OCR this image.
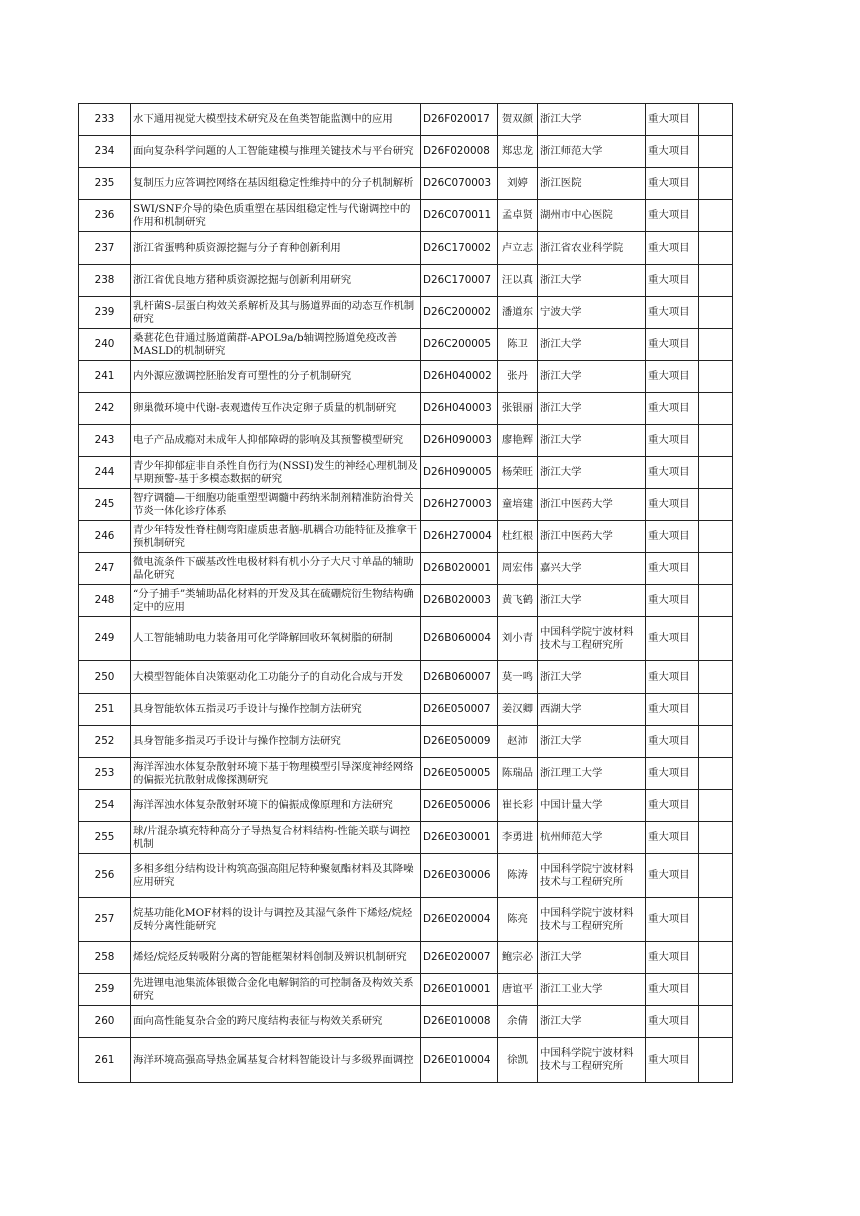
233	水下通用视觉大模型技术研究及在鱼类智能监测中的应用	D26F020017	贺双颜	浙江大学	重大项目	
234	面向复杂科学问题的人工智能建模与推理关键技术与平台研究	D26F020008	郑忠龙	浙江师范大学	重大项目	
235	复制压力应答调控网络在基因组稳定性维持中的分子机制解析	D26C070003	刘婷	浙江医院	重大项目	
236	SWI/SNF介导的染色质重塑在基因组稳定性与代谢调控中的作用和机制研究	D26C070011	孟卓贤	湖州市中心医院	重大项目	
237	浙江省蛋鸭种质资源挖掘与分子育种创新利用	D26C170002	卢立志	浙江省农业科学院	重大项目	
238	浙江省优良地方猪种质资源挖掘与创新利用研究	D26C170007	汪以真	浙江大学	重大项目	
239	乳杆菌S-层蛋白构效关系解析及其与肠道界面的动态互作机制研究	D26C200002	潘道东	宁波大学	重大项目	
240	桑葚花色苷通过肠道菌群-APOL9a/b轴调控肠道免疫改善MASLD的机制研究	D26C200005	陈卫	浙江大学	重大项目	
241	内外源应激调控胚胎发育可塑性的分子机制研究	D26H040002	张丹	浙江大学	重大项目	
242	卵巢微环境中代谢-表观遗传互作决定卵子质量的机制研究	D26H040003	张银丽	浙江大学	重大项目	
243	电子产品成瘾对未成年人抑郁障碍的影响及其预警模型研究	D26H090003	廖艳辉	浙江大学	重大项目	
244	青少年抑郁症非自杀性自伤行为(NSSI)发生的神经心理机制及早期预警-基于多模态数据的研究	D26H090005	杨荣旺	浙江大学	重大项目	
245	智疗调髓—干细胞功能重塑型调髓中药纳米制剂精准防治骨关节炎一体化诊疗体系	D26H270003	童培建	浙江中医药大学	重大项目	
246	青少年特发性脊柱侧弯阳虚质患者脑-肌耦合功能特征及推拿干预机制研究	D26H270004	杜红根	浙江中医药大学	重大项目	
247	微电流条件下碳基改性电极材料有机小分子大尺寸单晶的辅助晶化研究	D26B020001	周宏伟	嘉兴大学	重大项目	
248	“分子捕手”类辅助晶化材料的开发及其在硫硼烷衍生物结构确定中的应用	D26B020003	黄飞鹤	浙江大学	重大项目	
249	人工智能辅助电力装备用可化学降解回收环氧树脂的研制	D26B060004	刘小青	中国科学院宁波材料技术与工程研究所	重大项目	
250	大模型智能体自决策驱动化工功能分子的自动化合成与开发	D26B060007	莫一鸣	浙江大学	重大项目	
251	具身智能软体五指灵巧手设计与操作控制方法研究	D26E050007	姜汉卿	西湖大学	重大项目	
252	具身智能多指灵巧手设计与操作控制方法研究	D26E050009	赵沛	浙江大学	重大项目	
253	海洋浑浊水体复杂散射环境下基于物理模型引导深度神经网络的偏振光抗散射成像探测研究	D26E050005	陈瑞品	浙江理工大学	重大项目	
254	海洋浑浊水体复杂散射环境下的偏振成像原理和方法研究	D26E050006	崔长彩	中国计量大学	重大项目	
255	球/片混杂填充特种高分子导热复合材料结构-性能关联与调控机制	D26E030001	李勇进	杭州师范大学	重大项目	
256	多相多组分结构设计构筑高强高阻尼特种聚氨酯材料及其降噪应用研究	D26E030006	陈涛	中国科学院宁波材料技术与工程研究所	重大项目	
257	烷基功能化MOF材料的设计与调控及其湿气条件下烯烃/烷烃反转分离性能研究	D26E020004	陈亮	中国科学院宁波材料技术与工程研究所	重大项目	
258	烯烃/烷烃反转吸附分离的智能框架材料创制及辨识机制研究	D26E020007	鲍宗必	浙江大学	重大项目	
259	先进锂电池集流体银微合金化电解铜箔的可控制备及构效关系研究	D26E010001	唐谊平	浙江工业大学	重大项目	
260	面向高性能复杂合金的跨尺度结构表征与构效关系研究	D26E010008	余倩	浙江大学	重大项目	
261	海洋环境高强高导热金属基复合材料智能设计与多级界面调控	D26E010004	徐凯	中国科学院宁波材料技术与工程研究所	重大项目	
